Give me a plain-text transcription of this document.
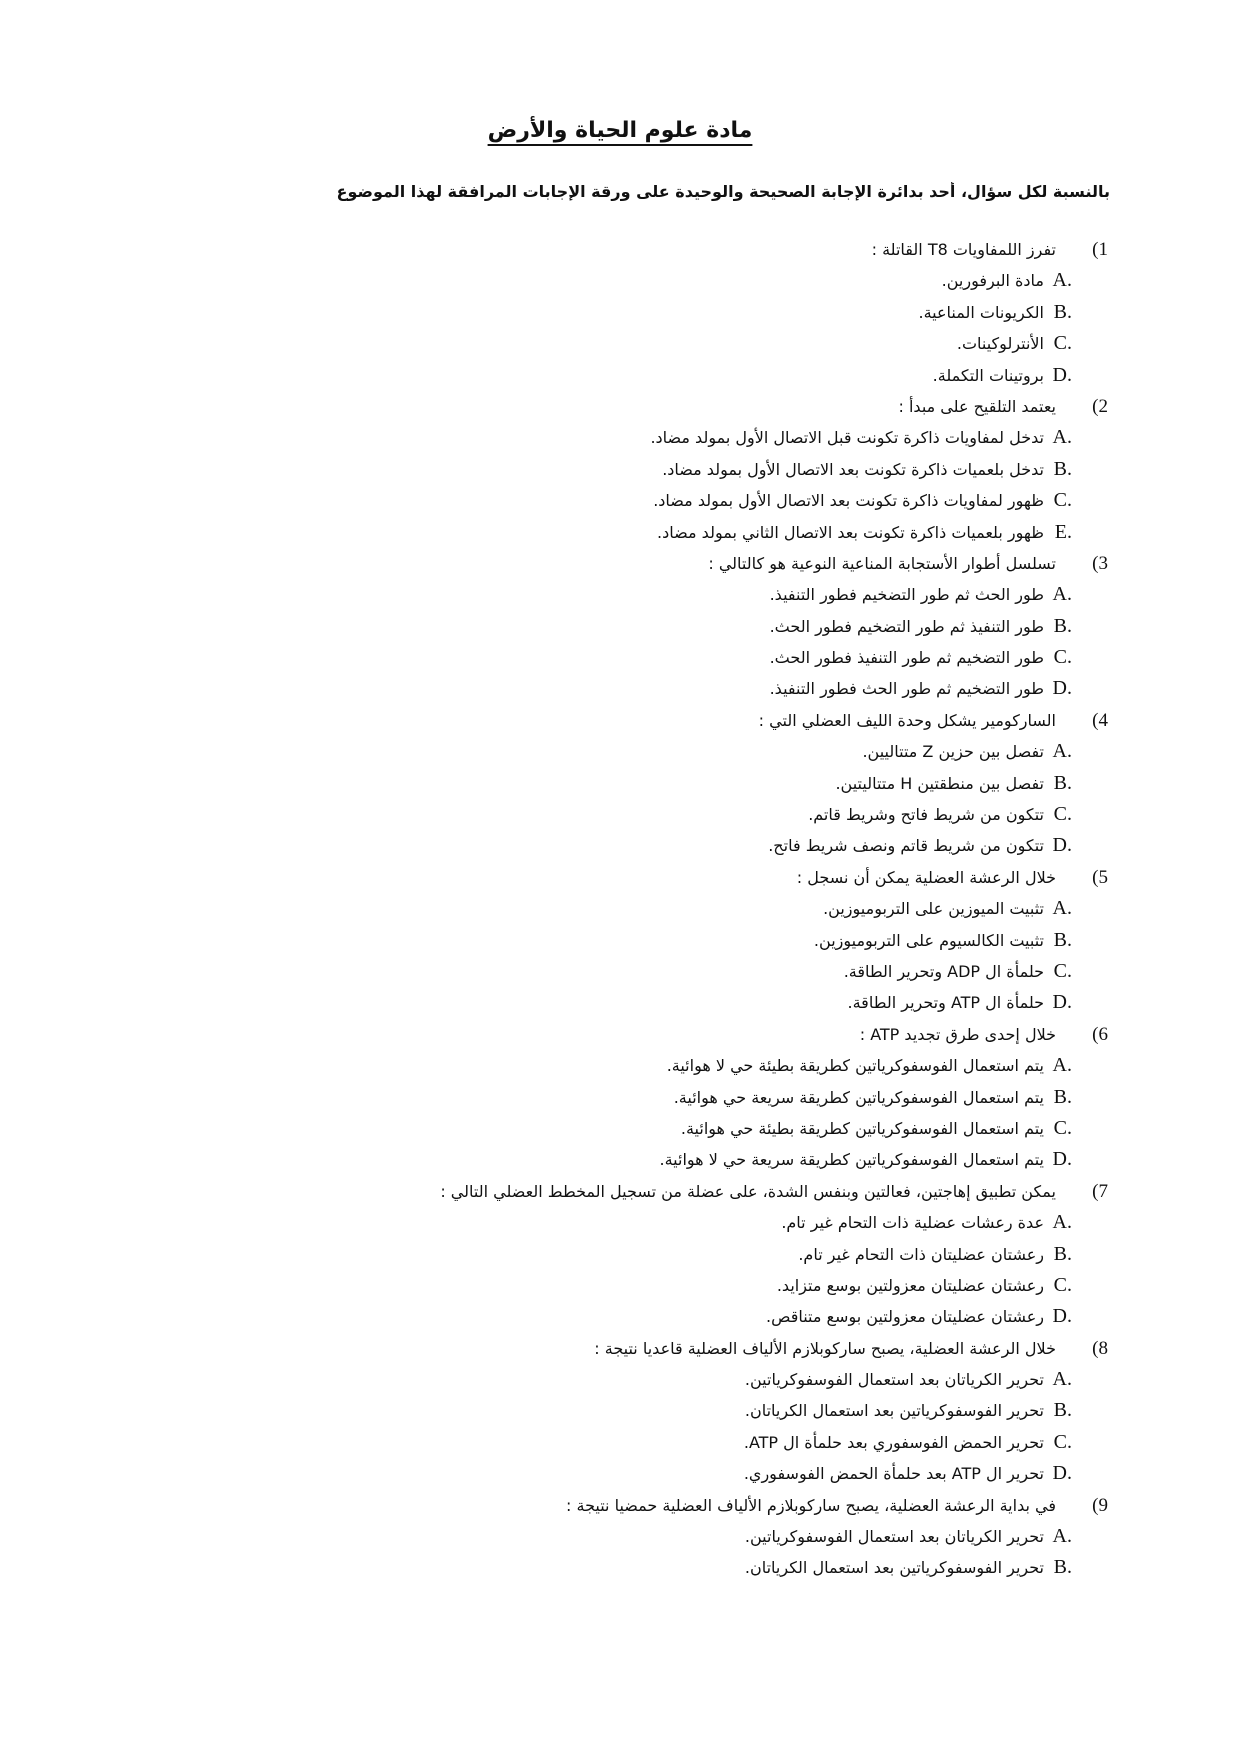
مادة علوم الحياة والأرض

بالنسبة لكل سؤال، أحد بدائرة الإجابة الصحيحة والوحيدة على ورقة الإجابات المرافقة لهذا الموضوع

(1
تفرز اللمفاويات T8 القاتلة :
A.
مادة البرفورين.
B.
الكريونات المناعية.
C.
الأنترلوكينات.
D.
بروتينات التكملة.
(2
يعتمد التلقيح على مبدأ :
A.
تدخل لمفاويات ذاكرة تكونت قبل الاتصال الأول بمولد مضاد.
B.
تدخل بلعميات ذاكرة تكونت بعد الاتصال الأول بمولد مضاد.
C.
ظهور لمفاويات ذاكرة تكونت بعد الاتصال الأول بمولد مضاد.
E.
ظهور بلعميات ذاكرة تكونت بعد الاتصال الثاني بمولد مضاد.
(3
تسلسل أطوار الأستجابة المناعية النوعية هو كالتالي :
A.
طور الحث ثم طور التضخيم فطور التنفيذ.
B.
طور التنفيذ ثم طور التضخيم فطور الحث.
C.
طور التضخيم ثم طور التنفيذ فطور الحث.
D.
طور التضخيم ثم طور الحث فطور التنفيذ.
(4
الساركومير يشكل وحدة الليف العضلي التي :
A.
تفصل بين حزين Z متتاليين.
B.
تفصل بين منطقتين H متتاليتين.
C.
تتكون من شريط فاتح وشريط قاتم.
D.
تتكون من شريط قاتم ونصف شريط فاتح.
(5
خلال الرعشة العضلية يمكن أن نسجل :
A.
تثبيت الميوزين على التربوميوزين.
B.
تثبيت الكالسيوم على التربوميوزين.
C.
حلمأة ال ADP وتحرير الطاقة.
D.
حلمأة ال ATP وتحرير الطاقة.
(6
خلال إحدى طرق تجديد ATP :
A.
يتم استعمال الفوسفوكرياتين كطريقة بطيئة حي لا هوائية.
B.
يتم استعمال الفوسفوكرياتين كطريقة سريعة حي هوائية.
C.
يتم استعمال الفوسفوكرياتين كطريقة بطيئة حي هوائية.
D.
يتم استعمال الفوسفوكرياتين كطريقة سريعة حي لا هوائية.
(7
يمكن تطبيق إهاجتين، فعالتين وبنفس الشدة، على عضلة من تسجيل المخطط العضلي التالي :
A.
عدة رعشات عضلية ذات التحام غير تام.
B.
رعشتان عضليتان ذات التحام غير تام.
C.
رعشتان عضليتان معزولتين بوسع متزايد.
D.
رعشتان عضليتان معزولتين بوسع متناقص.
(8
خلال الرعشة العضلية، يصبح ساركوبلازم الألياف العضلية قاعديا نتيجة :
A.
تحرير الكرياتان بعد استعمال الفوسفوكرياتين.
B.
تحرير الفوسفوكرياتين بعد استعمال الكرياتان.
C.
تحرير الحمض الفوسفوري بعد حلمأة ال ATP.
D.
تحرير ال ATP بعد حلمأة الحمض الفوسفوري.
(9
في بداية الرعشة العضلية، يصبح ساركوبلازم الألياف العضلية حمضيا نتيجة :
A.
تحرير الكرياتان بعد استعمال الفوسفوكرياتين.
B.
تحرير الفوسفوكرياتين بعد استعمال الكرياتان.
